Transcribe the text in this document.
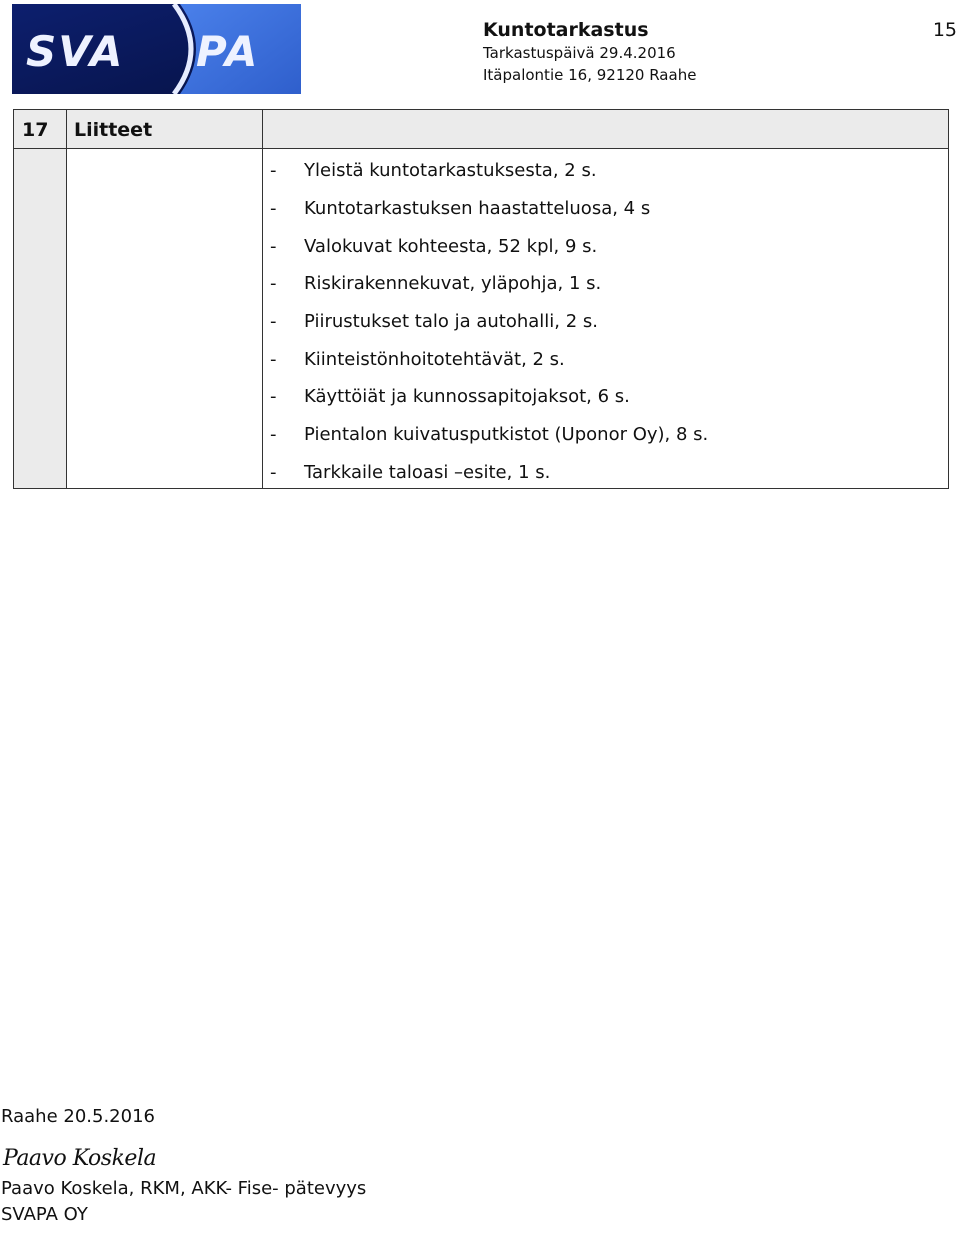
SVA PA	Kuntotarkastus
Tarkastuspäivä 29.4.2016
Itäpalontie 16, 92120 Raahe
15
17 Liitteet
-	Yleistä kuntotarkastuksesta, 2 s.
-	Kuntotarkastuksen haastatteluosa, 4 s
-	Valokuvat kohteesta, 52 kpl, 9 s.
-	Riskirakennekuvat, yläpohja, 1 s.
-	Piirustukset talo ja autohalli, 2 s.
-	Kiinteistönhoitotehtävät, 2 s.
-	Käyttöiät ja kunnossapitojaksot, 6 s.
-	Pientalon kuivatusputkistot (Uponor Oy), 8 s.
-	Tarkkaile taloasi –esite, 1 s.
Raahe 20.5.2016
Paavo Koskela
Paavo Koskela, RKM, AKK- Fise- pätevyys
SVAPA OY
